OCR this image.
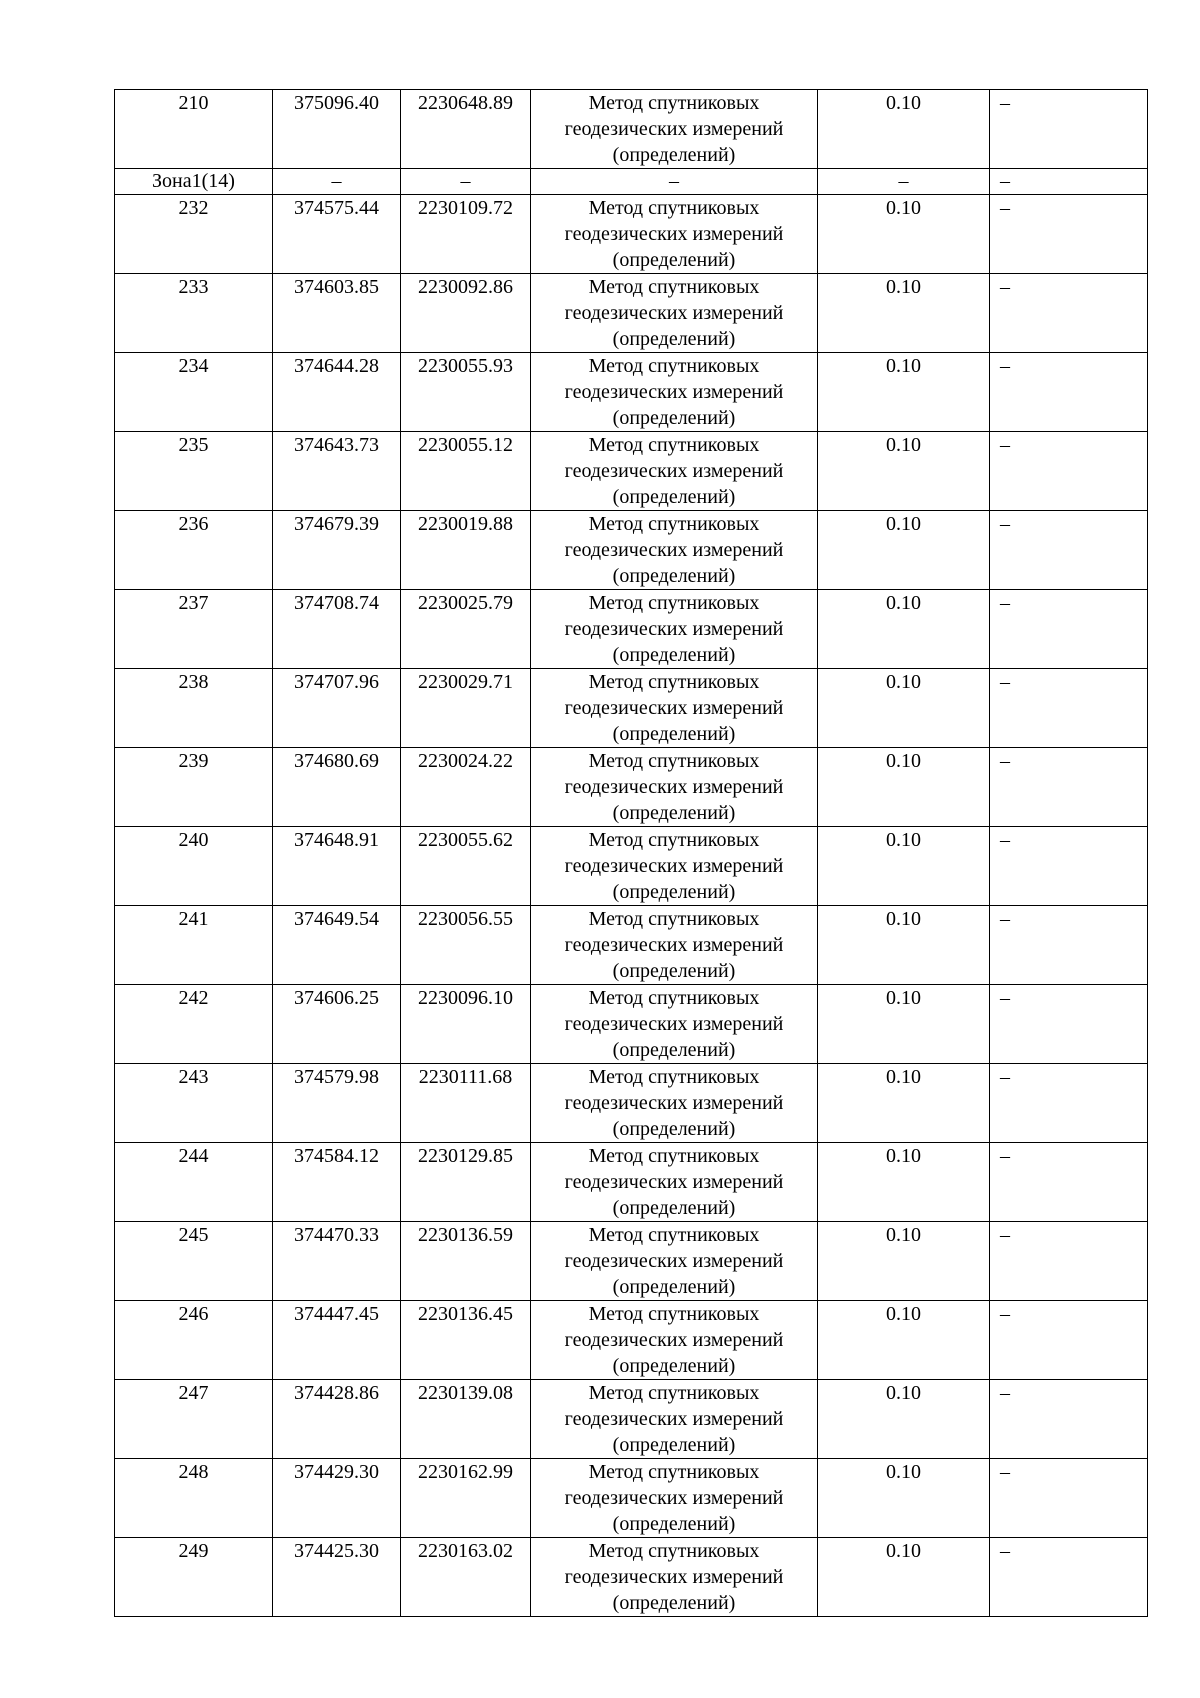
210	375096.40	2230648.89	Метод спутниковых
геодезических измерений
(определений)	0.10	–
Зона1(14)	–	–	–	–	–
232	374575.44	2230109.72	Метод спутниковых
геодезических измерений
(определений)	0.10	–
233	374603.85	2230092.86	Метод спутниковых
геодезических измерений
(определений)	0.10	–
234	374644.28	2230055.93	Метод спутниковых
геодезических измерений
(определений)	0.10	–
235	374643.73	2230055.12	Метод спутниковых
геодезических измерений
(определений)	0.10	–
236	374679.39	2230019.88	Метод спутниковых
геодезических измерений
(определений)	0.10	–
237	374708.74	2230025.79	Метод спутниковых
геодезических измерений
(определений)	0.10	–
238	374707.96	2230029.71	Метод спутниковых
геодезических измерений
(определений)	0.10	–
239	374680.69	2230024.22	Метод спутниковых
геодезических измерений
(определений)	0.10	–
240	374648.91	2230055.62	Метод спутниковых
геодезических измерений
(определений)	0.10	–
241	374649.54	2230056.55	Метод спутниковых
геодезических измерений
(определений)	0.10	–
242	374606.25	2230096.10	Метод спутниковых
геодезических измерений
(определений)	0.10	–
243	374579.98	2230111.68	Метод спутниковых
геодезических измерений
(определений)	0.10	–
244	374584.12	2230129.85	Метод спутниковых
геодезических измерений
(определений)	0.10	–
245	374470.33	2230136.59	Метод спутниковых
геодезических измерений
(определений)	0.10	–
246	374447.45	2230136.45	Метод спутниковых
геодезических измерений
(определений)	0.10	–
247	374428.86	2230139.08	Метод спутниковых
геодезических измерений
(определений)	0.10	–
248	374429.30	2230162.99	Метод спутниковых
геодезических измерений
(определений)	0.10	–
249	374425.30	2230163.02	Метод спутниковых
геодезических измерений
(определений)	0.10	–
